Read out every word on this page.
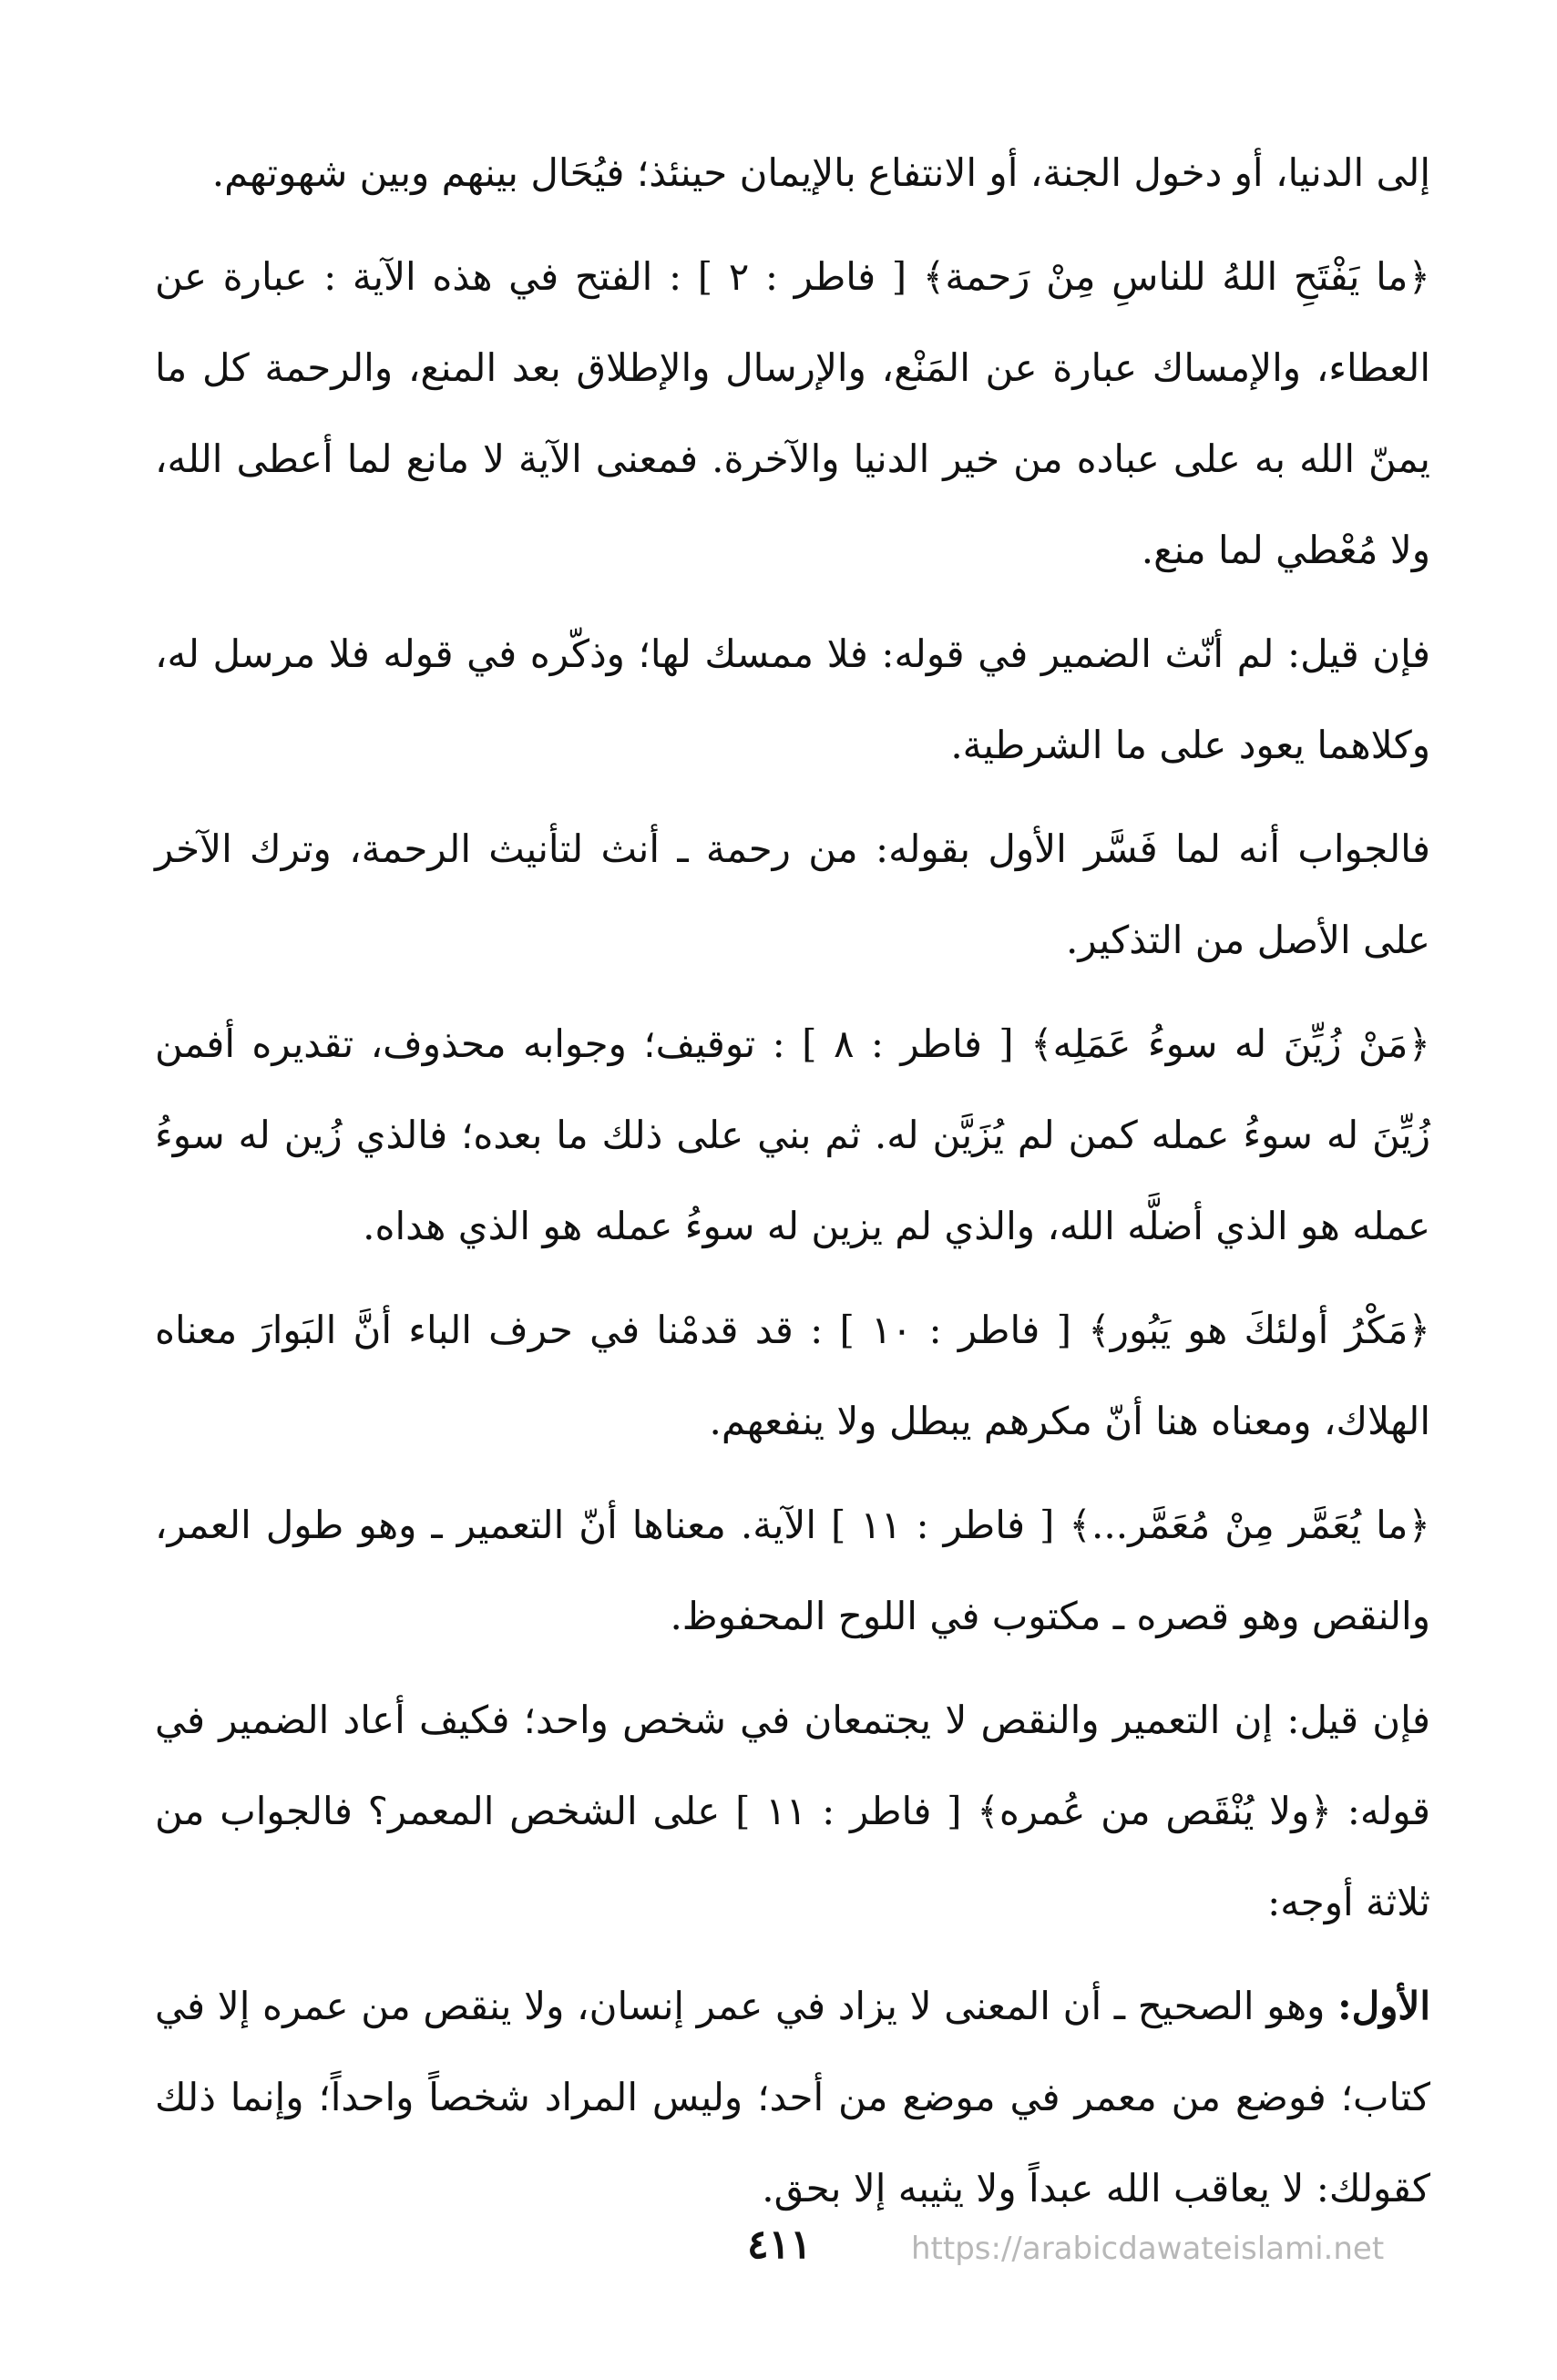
إلى الدنيا، أو دخول الجنة، أو الانتفاع بالإيمان حينئذ؛ فيُحَال بينهم وبين شهوتهم.

﴿ما يَفْتَحِ اللهُ للناسِ مِنْ رَحمة﴾ [ فاطر : ٢ ] : الفتح في هذه الآية : عبارة عن العطاء، والإمساك عبارة عن المَنْع، والإرسال والإطلاق بعد المنع، والرحمة كل ما يمنّ الله به على عباده من خير الدنيا والآخرة. فمعنى الآية لا مانع لما أعطى الله، ولا مُعْطي لما منع.

فإن قيل: لم أنّث الضمير في قوله: فلا ممسك لها؛ وذكّره في قوله فلا مرسل له، وكلاهما يعود على ما الشرطية.

فالجواب أنه لما فَسَّر الأول بقوله: من رحمة ـ أنث لتأنيث الرحمة، وترك الآخر على الأصل من التذكير.

﴿مَنْ زُيِّنَ له سوءُ عَمَلِه﴾ [ فاطر : ٨ ] : توقيف؛ وجوابه محذوف، تقديره أفمن زُيِّنَ له سوءُ عمله كمن لم يُزَيَّن له. ثم بني على ذلك ما بعده؛ فالذي زُين له سوءُ عمله هو الذي أضلَّه الله، والذي لم يزين له سوءُ عمله هو الذي هداه.

﴿مَكْرُ أولئكَ هو يَبُور﴾ [ فاطر : ١٠ ] : قد قدمْنا في حرف الباء أنَّ البَوارَ معناه الهلاك، ومعناه هنا أنّ مكرهم يبطل ولا ينفعهم.

﴿ما يُعَمَّر مِنْ مُعَمَّر...﴾ [ فاطر : ١١ ] الآية. معناها أنّ التعمير ـ وهو طول العمر، والنقص وهو قصره ـ مكتوب في اللوح المحفوظ.

فإن قيل: إن التعمير والنقص لا يجتمعان في شخص واحد؛ فكيف أعاد الضمير في قوله: ﴿ولا يُنْقَص من عُمره﴾ [ فاطر : ١١ ] على الشخص المعمر؟ فالجواب من ثلاثة أوجه:

الأول: وهو الصحيح ـ أن المعنى لا يزاد في عمر إنسان، ولا ينقص من عمره إلا في كتاب؛ فوضع من معمر في موضع من أحد؛ وليس المراد شخصاً واحداً؛ وإنما ذلك كقولك: لا يعاقب الله عبداً ولا يثيبه إلا بحق.

٤١١	https://arabicdawateislami.net
